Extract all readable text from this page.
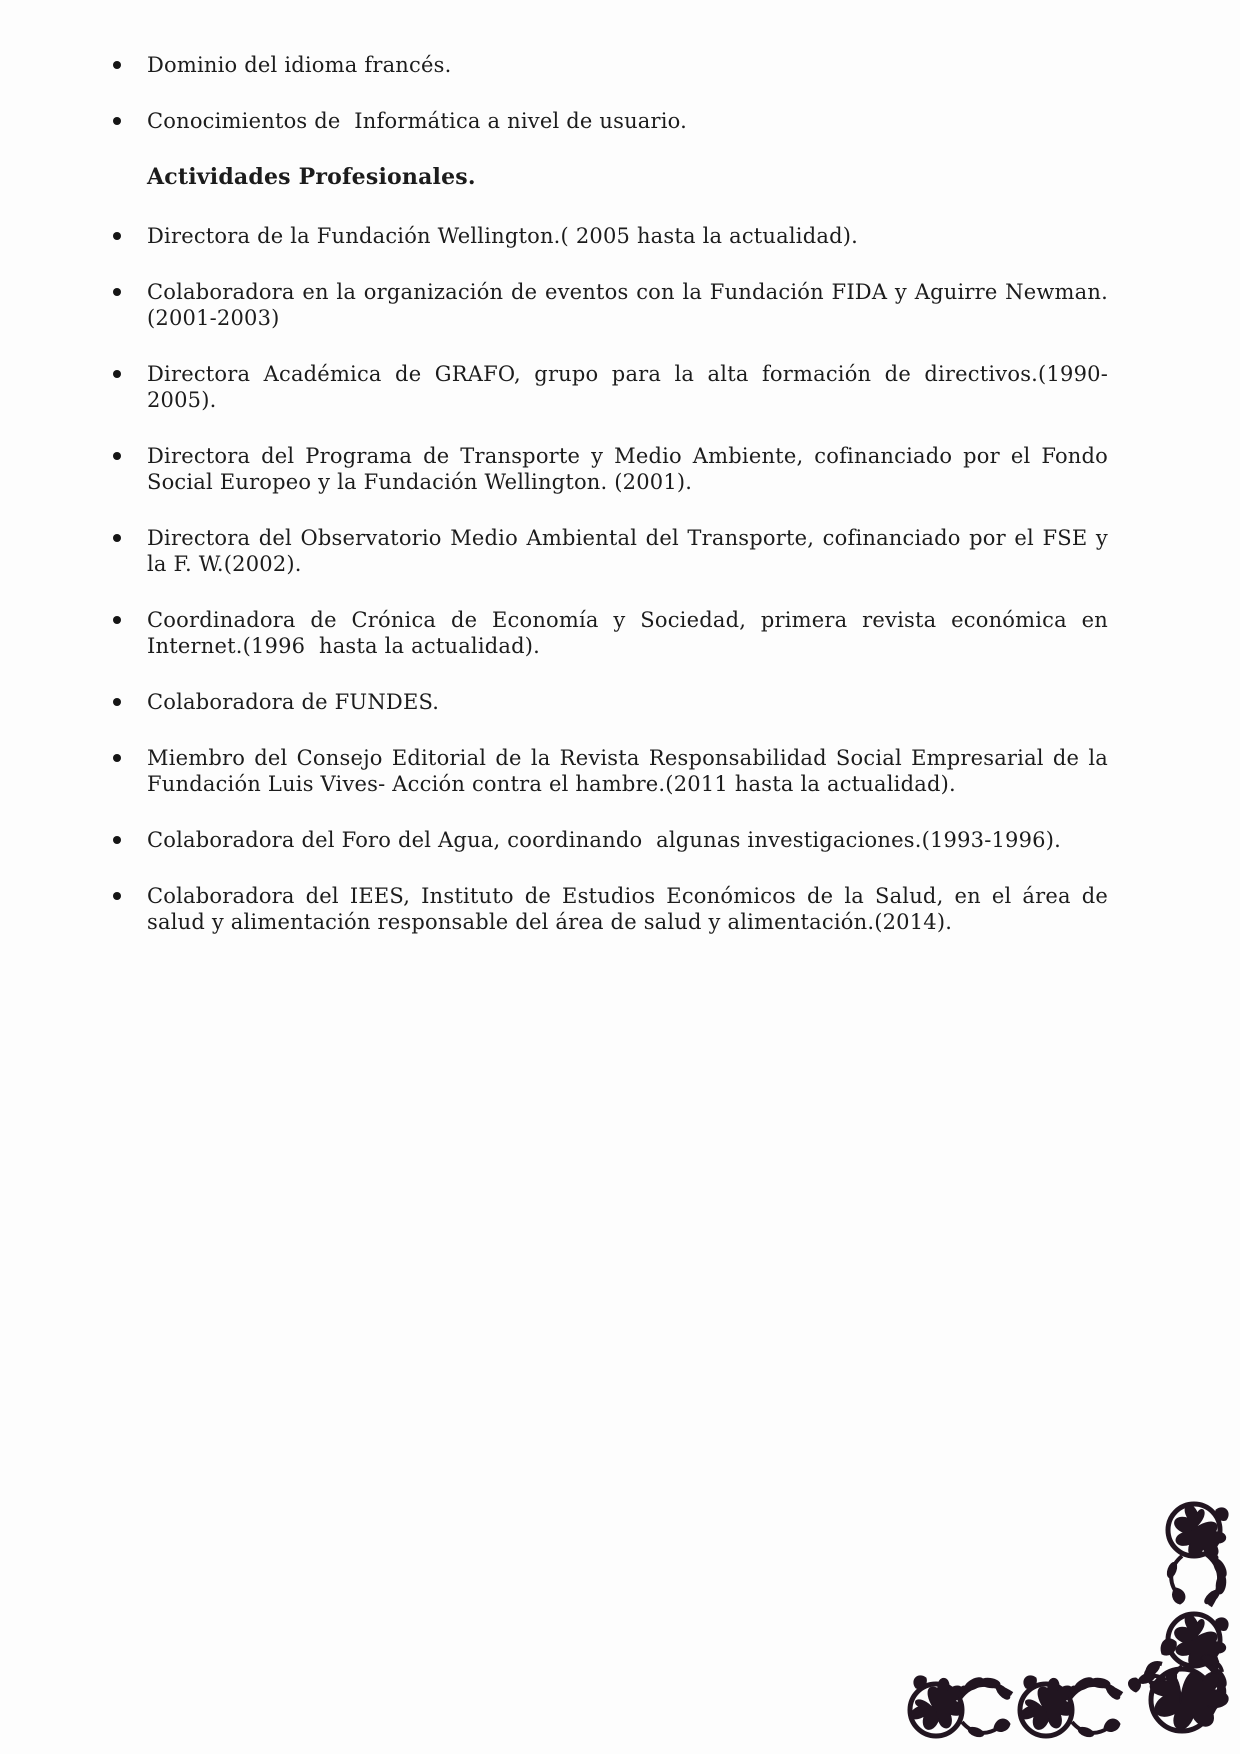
Dominio del idioma francés.

Conocimientos de  Informática a nivel de usuario.

Actividades Profesionales.

Directora de la Fundación Wellington.( 2005 hasta la actualidad).

Colaboradora en la organización de eventos con la Fundación FIDA y Aguirre Newman. (2001-2003)

Directora Académica de GRAFO, grupo para la alta formación de directivos.(1990-2005).

Directora del Programa de Transporte y Medio Ambiente, cofinanciado por el Fondo Social Europeo y la Fundación Wellington. (2001).

Directora del Observatorio Medio Ambiental del Transporte, cofinanciado por el FSE y  la F. W.(2002).

Coordinadora de Crónica de Economía y Sociedad, primera revista económica en Internet.(1996  hasta la actualidad).

Colaboradora de FUNDES.

Miembro del Consejo Editorial de la Revista Responsabilidad Social Empresarial de la Fundación Luis Vives- Acción contra el hambre.(2011 hasta la actualidad).

Colaboradora del Foro del Agua, coordinando  algunas investigaciones.(1993-1996).

Colaboradora del IEES, Instituto de Estudios Económicos de la Salud, en el área de salud y alimentación responsable del área de salud y alimentación.(2014).
